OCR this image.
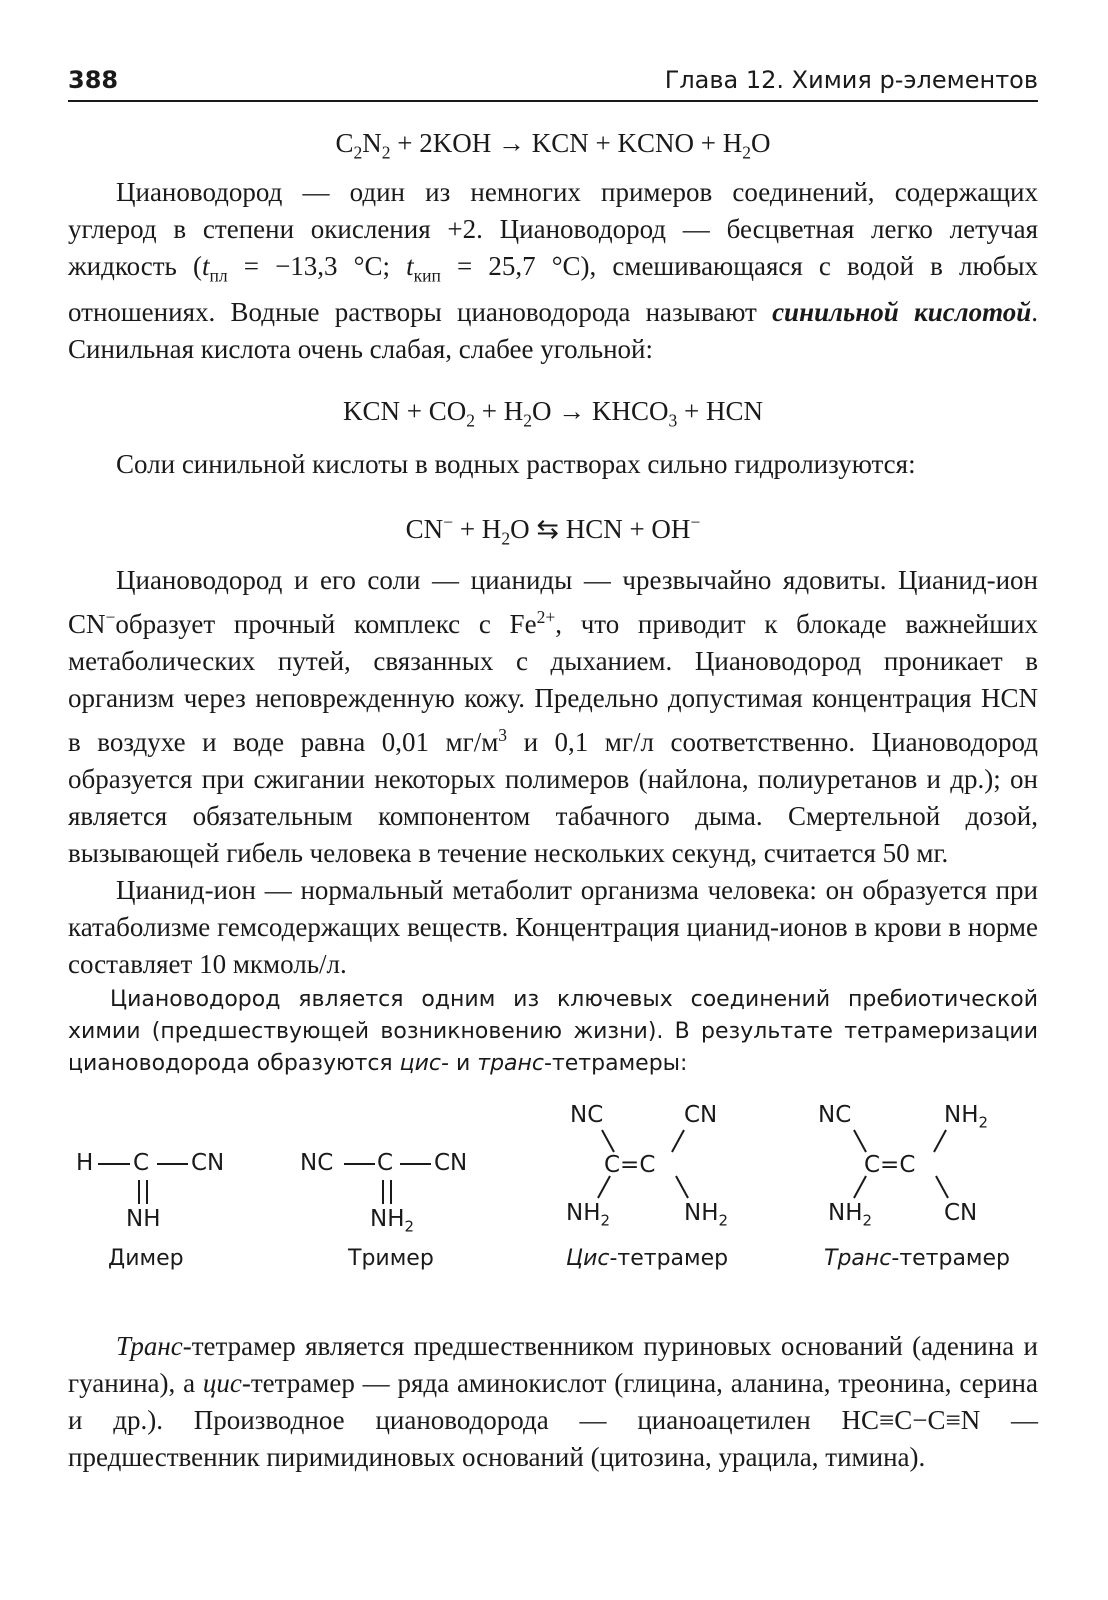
388	Глава 12. Химия p-элементов
$C_2N_2 + 2KOH$ → KCN + KCNO + $H_2O$

Циановодород — один из немногих примеров соединений, содержащих углерод в степени окисления +2. Циановодород — бесцветная легко летучая жидкость ($t_{пл} = -13,3$ °C; $t_{кип} = 25,7$ °C), смешивающаяся с водой в любых отношениях. Водные растворы циановодорода называют синильной кислотой. Синильная кислота очень слабая, слабее угольной:

KCN + $CO_2 + H_2O$ → $KHCO_3$ + HCN

Соли синильной кислоты в водных растворах сильно гидролизуются:

$CN^- + H_2O$ ⇆ HCN + OH−

Циановодород и его соли — цианиды — чрезвычайно ядовиты. Цианид-ион CN−образует прочный комплекс с $Fe^{2+}$, что приводит к блокаде важнейших метаболических путей, связанных с дыханием. Циановодород проникает в организм через неповрежденную кожу. Предельно допустимая концентрация HCN в воздухе и воде равна 0,01 $мг/м^3$ и 0,1 мг/л соответственно. Циановодород образуется при сжигании некоторых полимеров (найлона, полиуретанов и др.); он является обязательным компонентом табачного дыма. Смертельной дозой, вызывающей гибель человека в течение нескольких секунд, считается 50 мг.

Цианид-ион — нормальный метаболит организма человека: он образуется при катаболизме гемсодержащих веществ. Концентрация цианид-ионов в крови в норме составляет 10 мкмоль/л.

Циановодород является одним из ключевых соединений пребиотической химии (предшествующей возникновению жизни). В результате тетрамеризации циановодорода образуются цис- и транс-тетрамеры:

H C CN
NH
Димер
NC C CN
$NH_2$
Тример
NC	CN
C=C
$NH_2$	$NH_2$
Цис-тетрамер
NC	$NH_2$
C=C
$NH_2$	CN
Транс-тетрамер

Транс-тетрамер является предшественником пуриновых оснований (аденина и гуанина), а цис-тетрамер — ряда аминокислот (глицина, аланина, треонина, серина и др.). Производное циановодорода — цианоацетилен HC≡C−C≡N — предшественник пиримидиновых оснований (цитозина, урацила, тимина).
